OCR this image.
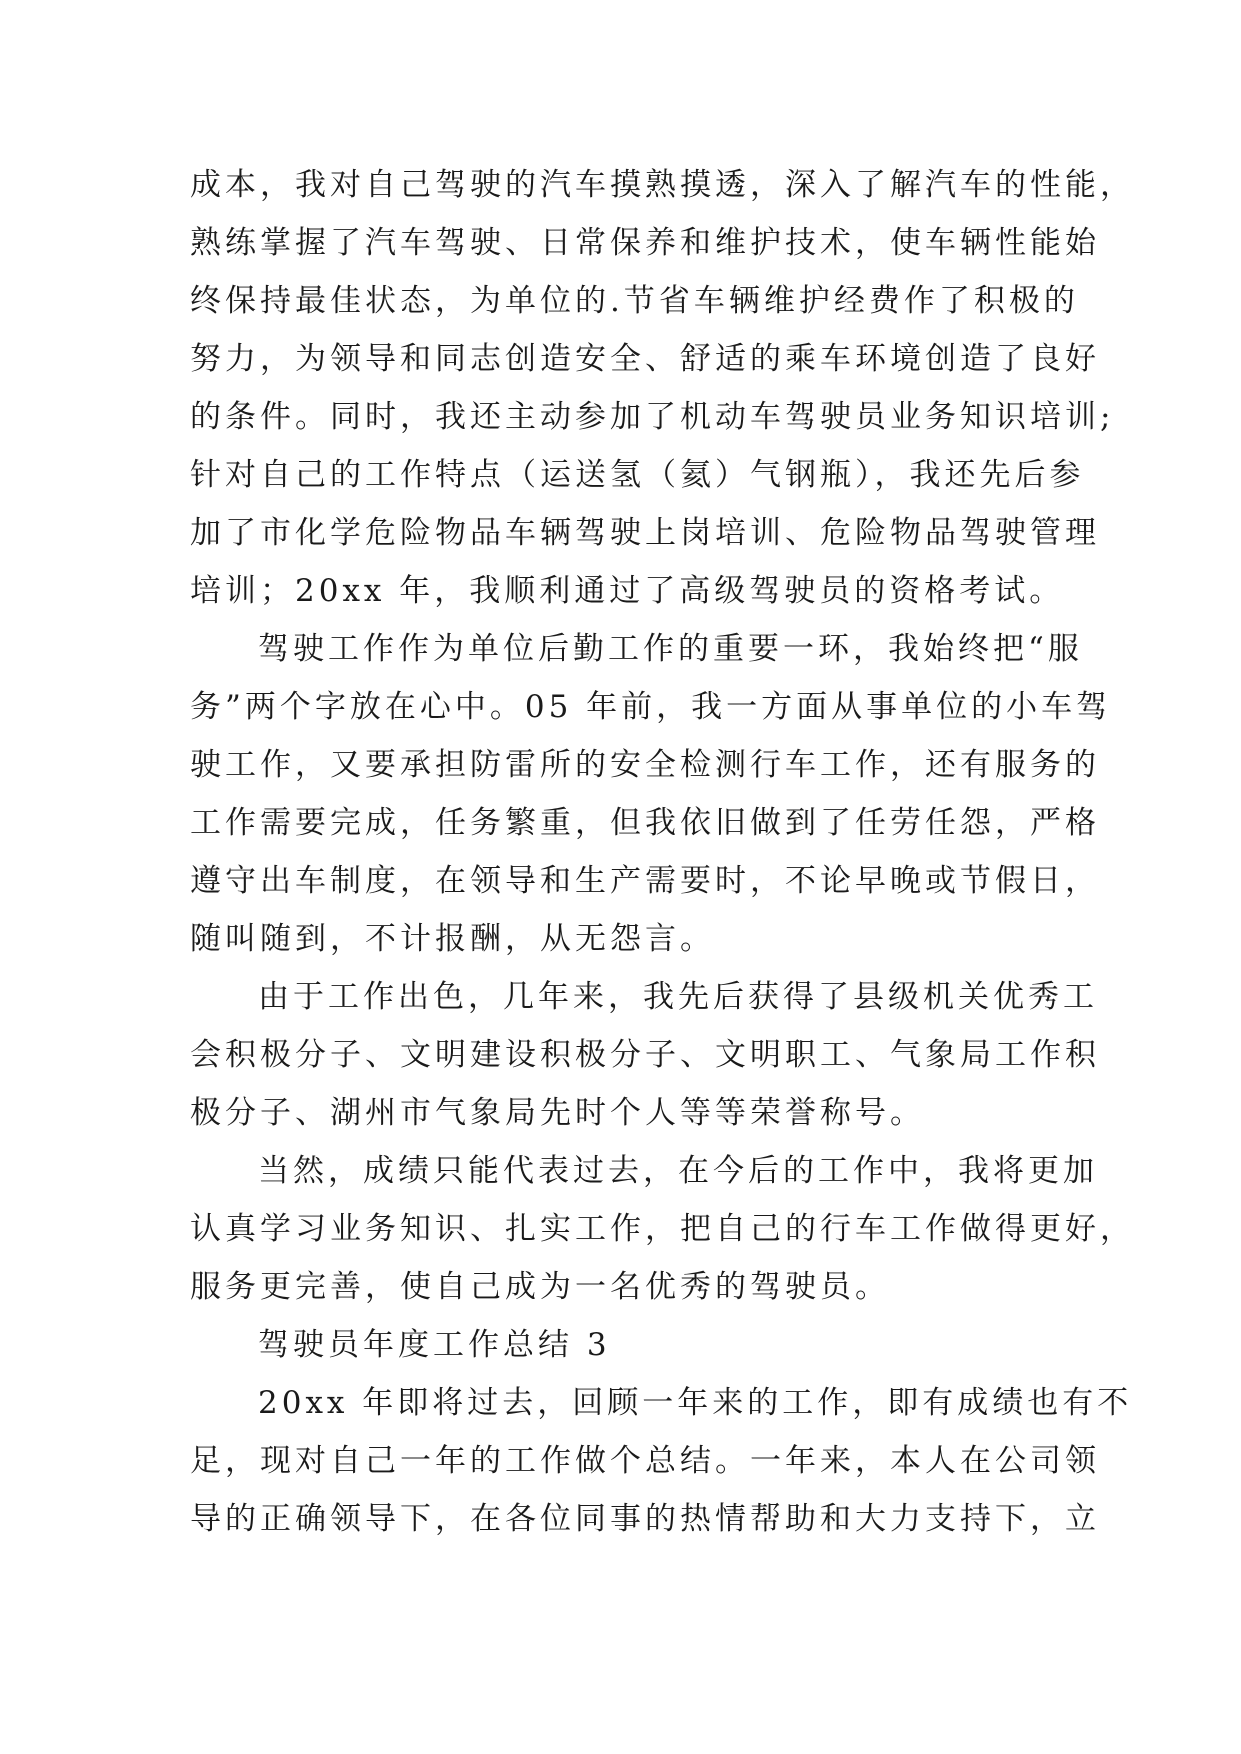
成本，我对自己驾驶的汽车摸熟摸透，深入了解汽车的性能，
熟练掌握了汽车驾驶、日常保养和维护技术，使车辆性能始
终保持最佳状态，为单位的.节省车辆维护经费作了积极的
努力，为领导和同志创造安全、舒适的乘车环境创造了良好
的条件。同时，我还主动参加了机动车驾驶员业务知识培训;
针对自己的工作特点（运送氢（氦）气钢瓶），我还先后参
加了市化学危险物品车辆驾驶上岗培训、危险物品驾驶管理
培训；20xx 年，我顺利通过了高级驾驶员的资格考试。
驾驶工作作为单位后勤工作的重要一环，我始终把“服
务”两个字放在心中。05 年前，我一方面从事单位的小车驾
驶工作，又要承担防雷所的安全检测行车工作，还有服务的
工作需要完成，任务繁重，但我依旧做到了任劳任怨，严格
遵守出车制度，在领导和生产需要时，不论早晚或节假日，
随叫随到，不计报酬，从无怨言。
由于工作出色，几年来，我先后获得了县级机关优秀工
会积极分子、文明建设积极分子、文明职工、气象局工作积
极分子、湖州市气象局先时个人等等荣誉称号。
当然，成绩只能代表过去，在今后的工作中，我将更加
认真学习业务知识、扎实工作，把自己的行车工作做得更好，
服务更完善，使自己成为一名优秀的驾驶员。
驾驶员年度工作总结 3
20xx 年即将过去，回顾一年来的工作，即有成绩也有不
足，现对自己一年的工作做个总结。一年来，本人在公司领
导的正确领导下，在各位同事的热情帮助和大力支持下，立
